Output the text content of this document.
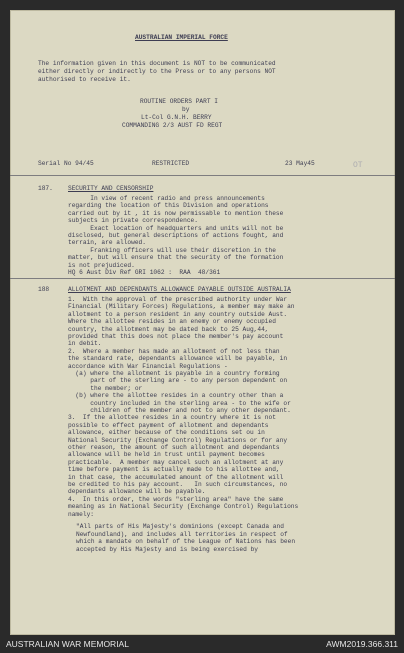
AUSTRALIAN IMPERIAL FORCE
The information given in this document is NOT to be communicated
either directly or indirectly to the Press or to any persons NOT
authorised to receive it.
ROUTINE ORDERS PART I
by
Lt-Col G.N.H. BERRY
COMMANDING 2/3 AUST FD REGT
Serial No 94/45	RESTRICTED	23 May45	OT
187. SECURITY AND CENSORSHIP
In view of recent radio and press announcements
regarding the location of this Division and operations
carried out by it , it is now permissable to mention these
subjects in private correspondence.
Exact location of headquarters and units will not be
disclosed, but general descriptions of actions fought, and
terrain, are allowed.
Franking officers will use their discretion in the
matter, but will ensure that the security of the formation
is not prejudiced.
HQ 6 Aust Div Ref GRI 1062 :  RAA  48/361
188	ALLOTMENT AND DEPENDANTS ALLOWANCE PAYABLE OUTSIDE AUSTRALIA
1.  With the approval of the prescribed authority under War
Financial (Military Forces) Regulations, a member may make an
allotment to a person resident in any country outside Aust.
Where the allottee resides in an enemy or enemy occupied
country, the allotment may be dated back to 25 Aug,44,
provided that this does not place the member's pay account
in debit.
2.  Where a member has made an allotment of not less than
the standard rate, dependants allowance will be payable, in
accordance with War Financial Regulations -
(a) where the allotment is payable in a country forming
part of the sterling are - to any person dependent on
the member; or
(b) where the allottee resides in a country other than a
country included in the sterling area - to the wife or
children of the member and not to any other dependant.
3.  If the allottee resides in a country where it is not
possible to effect payment of allotment and dependants
allowance, either because of the conditions set ou in
National Security (Exchange Control) Regulations or for any
other reason, the amount of such allotment and dependants
allowance will be held in trust until payment becomes
practicable.  A member may cancel such an allotment at any
time before payment is actually made to his allottee and,
in that case, the accumulated amount of the allotment will
be credited to his pay account.   In such circumstances, no
dependants allowance will be payable.
4.  In this order, the words "sterling area" have the same
meaning as in National Security (Exchange Control) Regulations
namely:
"All parts of His Majesty's dominions (except Canada and
Newfoundland), and includes all territories in respect of
which a mandate on behalf of the League of Nations has been
accepted by His Majesty and is being exercised by
AUSTRALIAN WAR MEMORIAL	AWM2019.366.311
